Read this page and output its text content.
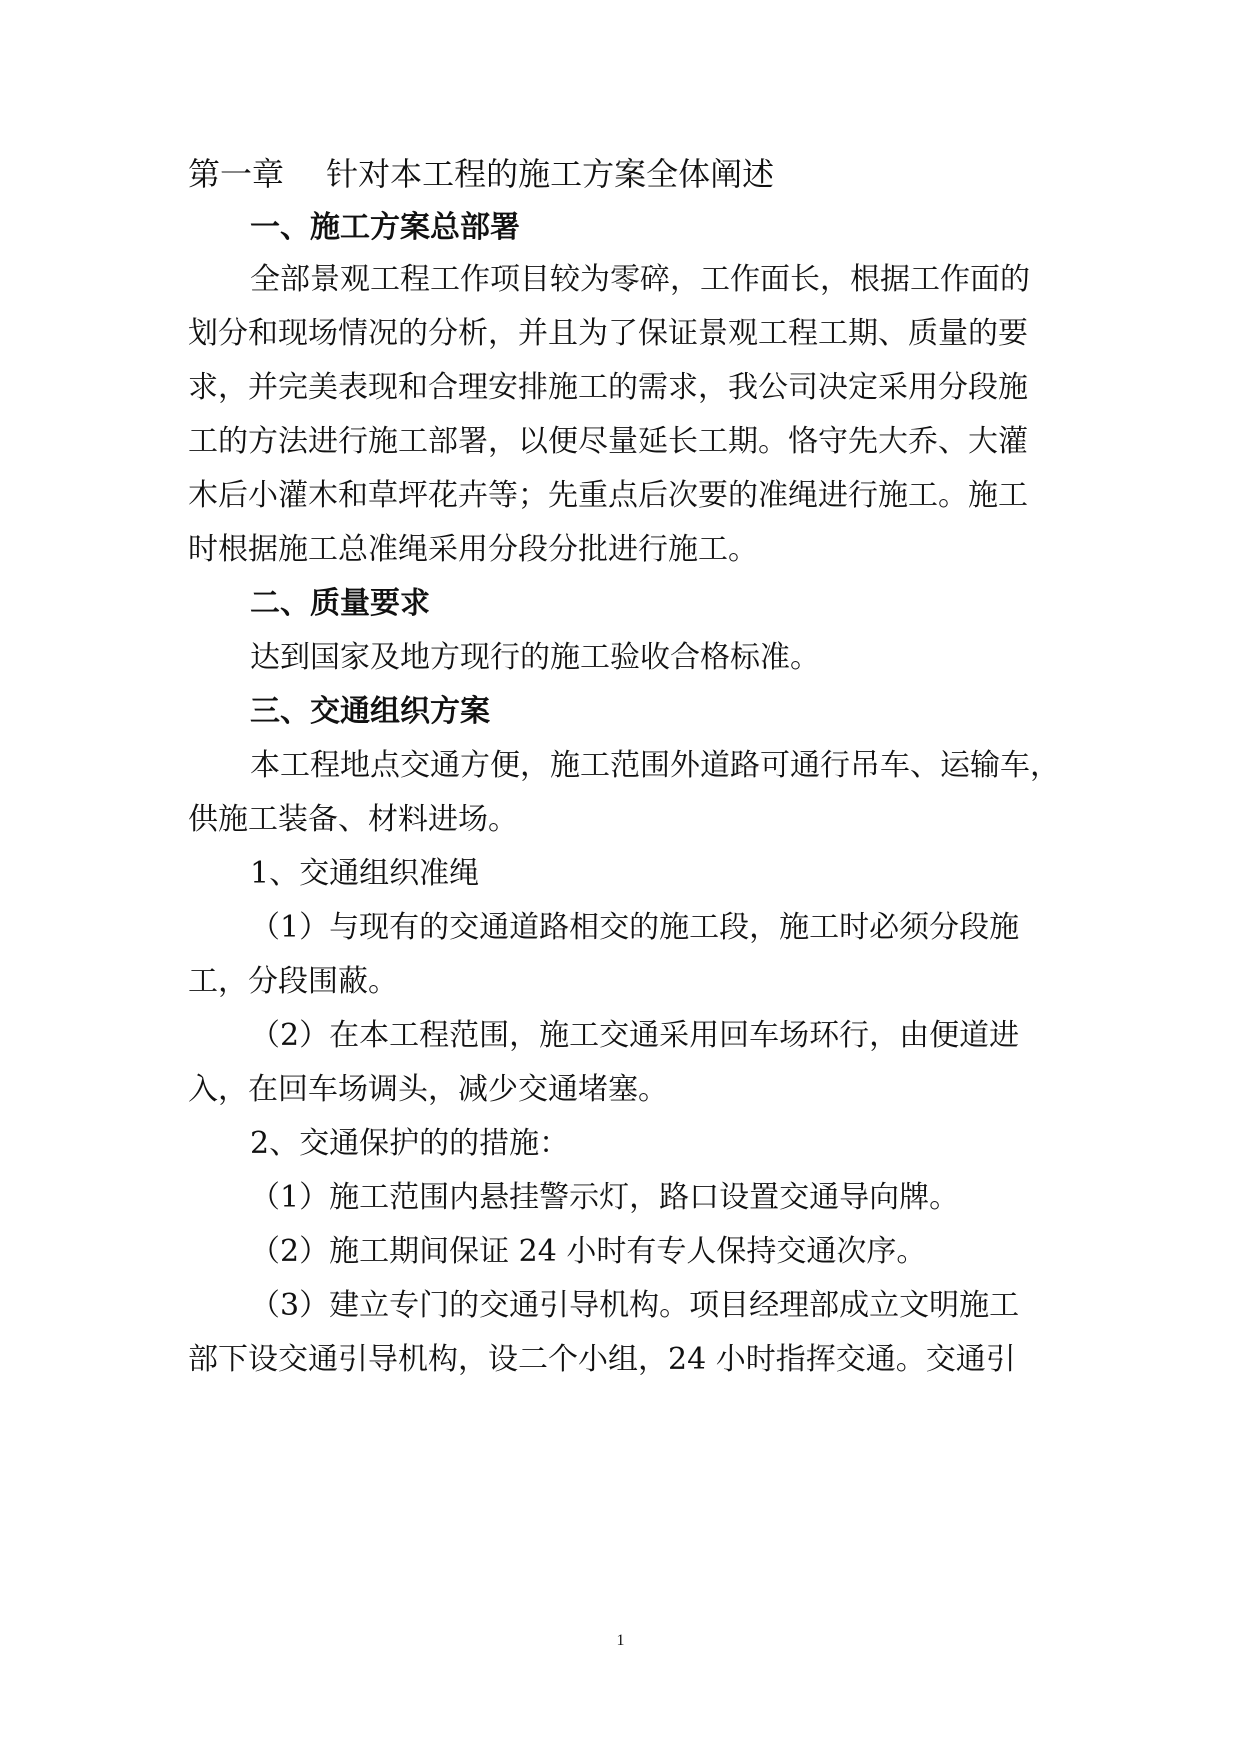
第一章　 针对本工程的施工方案全体阐述
一、施工方案总部署
全部景观工程工作项目较为零碎，工作面长，根据工作面的
划分和现场情况的分析，并且为了保证景观工程工期、质量的要
求，并完美表现和合理安排施工的需求，我公司决定采用分段施
工的方法进行施工部署，以便尽量延长工期。恪守先大乔、大灌
木后小灌木和草坪花卉等；先重点后次要的准绳进行施工。施工
时根据施工总准绳采用分段分批进行施工。
二、质量要求
达到国家及地方现行的施工验收合格标准。
三、交通组织方案
本工程地点交通方便，施工范围外道路可通行吊车、运输车，
供施工装备、材料进场。
1、交通组织准绳
（1）与现有的交通道路相交的施工段，施工时必须分段施
工，分段围蔽。
（2）在本工程范围，施工交通采用回车场环行，由便道进
入，在回车场调头，减少交通堵塞。
2、交通保护的的措施：
（1）施工范围内悬挂警示灯，路口设置交通导向牌。
（2）施工期间保证 24 小时有专人保持交通次序。
（3）建立专门的交通引导机构。项目经理部成立文明施工
部下设交通引导机构，设二个小组，24 小时指挥交通。交通引
1
